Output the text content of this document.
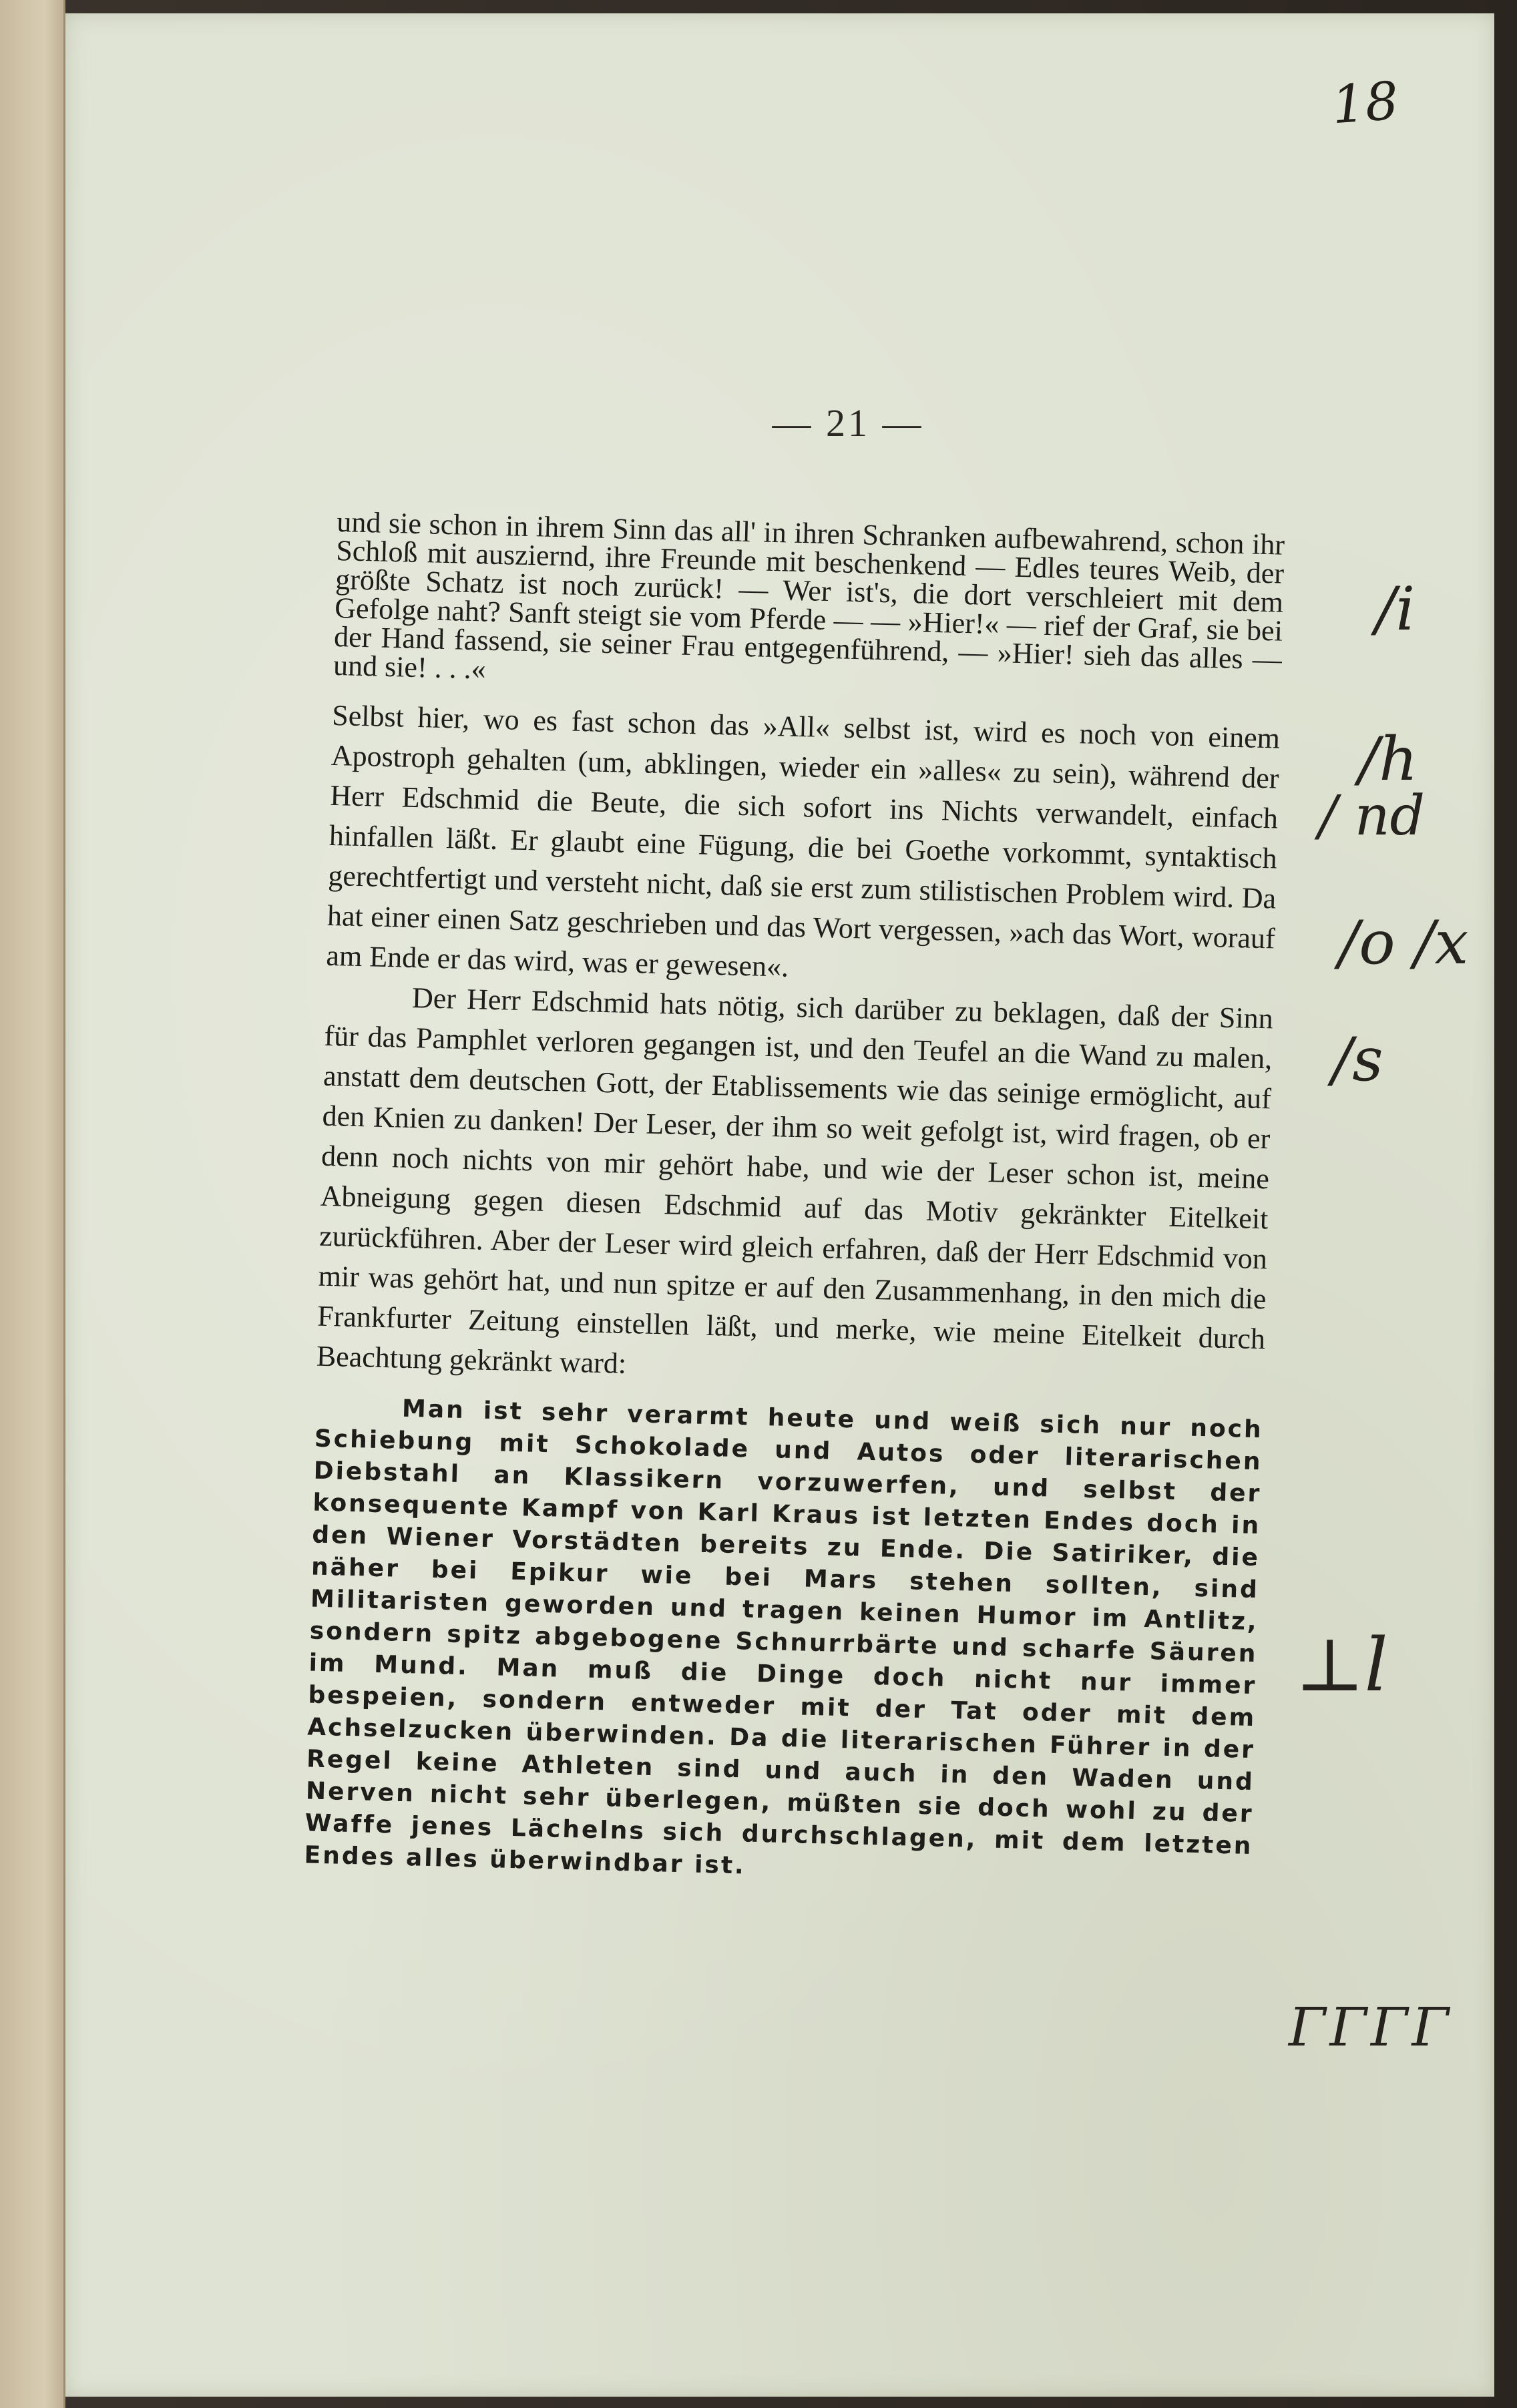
18
— 21 —

und sie schon in ihrem Sinn das all' in ihren Schranken aufbewahrend, schon ihr Schloß mit ausziernd, ihre Freunde mit beschenkend — Edles teures Weib, der größte Schatz ist noch zurück! — Wer ist's, die dort verschleiert mit dem Gefolge naht? Sanft steigt sie vom Pferde — — »Hier!« — rief der Graf, sie bei der Hand fassend, sie seiner Frau entgegenführend, — »Hier! sieh das alles — und sie! . . .«

Selbst hier, wo es fast schon das »All« selbst ist, wird es noch von einem Apostroph gehalten (um, abklingen, wieder ein »alles« zu sein), während der Herr Edschmid die Beute, die sich sofort ins Nichts verwandelt, einfach hinfallen läßt. Er glaubt eine Fügung, die bei Goethe vorkommt, syntaktisch gerechtfertigt und versteht nicht, daß sie erst zum stilistischen Problem wird. Da hat einer einen Satz geschrieben und das Wort vergessen, »ach das Wort, worauf am Ende er das wird, was er gewesen«.

Der Herr Edschmid hats nötig, sich darüber zu beklagen, daß der Sinn für das Pamphlet verloren gegangen ist, und den Teufel an die Wand zu malen, anstatt dem deutschen Gott, der Etablissements wie das seinige ermöglicht, auf den Knien zu danken! Der Leser, der ihm so weit gefolgt ist, wird fragen, ob er denn noch nichts von mir gehört habe, und wie der Leser schon ist, meine Abneigung gegen diesen Edschmid auf das Motiv gekränkter Eitelkeit zurückführen. Aber der Leser wird gleich erfahren, daß der Herr Edschmid von mir was gehört hat, und nun spitze er auf den Zusammenhang, in den mich die Frankfurter Zeitung einstellen läßt, und merke, wie meine Eitelkeit durch Beachtung gekränkt ward:

Man ist sehr verarmt heute und weiß sich nur noch Schiebung mit Schokolade und Autos oder literarischen Diebstahl an Klassikern vorzuwerfen, und selbst der konsequente Kampf von Karl Kraus ist letzten Endes doch in den Wiener Vorstädten bereits zu Ende. Die Satiriker, die näher bei Epikur wie bei Mars stehen sollten, sind Militaristen geworden und tragen keinen Humor im Antlitz, sondern spitz abgebogene Schnurrbärte und scharfe Säuren im Mund. Man muß die Dinge doch nicht nur immer bespeien, sondern entweder mit der Tat oder mit dem Achselzucken überwinden. Da die literarischen Führer in der Regel keine Athleten sind und auch in den Waden und Nerven nicht sehr überlegen, müßten sie doch wohl zu der Waffe jenes Lächelns sich durchschlagen, mit dem letzten Endes alles überwindbar ist.

/i
/h
/ nd
/o /x
/s
⊥l
ΓΓΓΓ
